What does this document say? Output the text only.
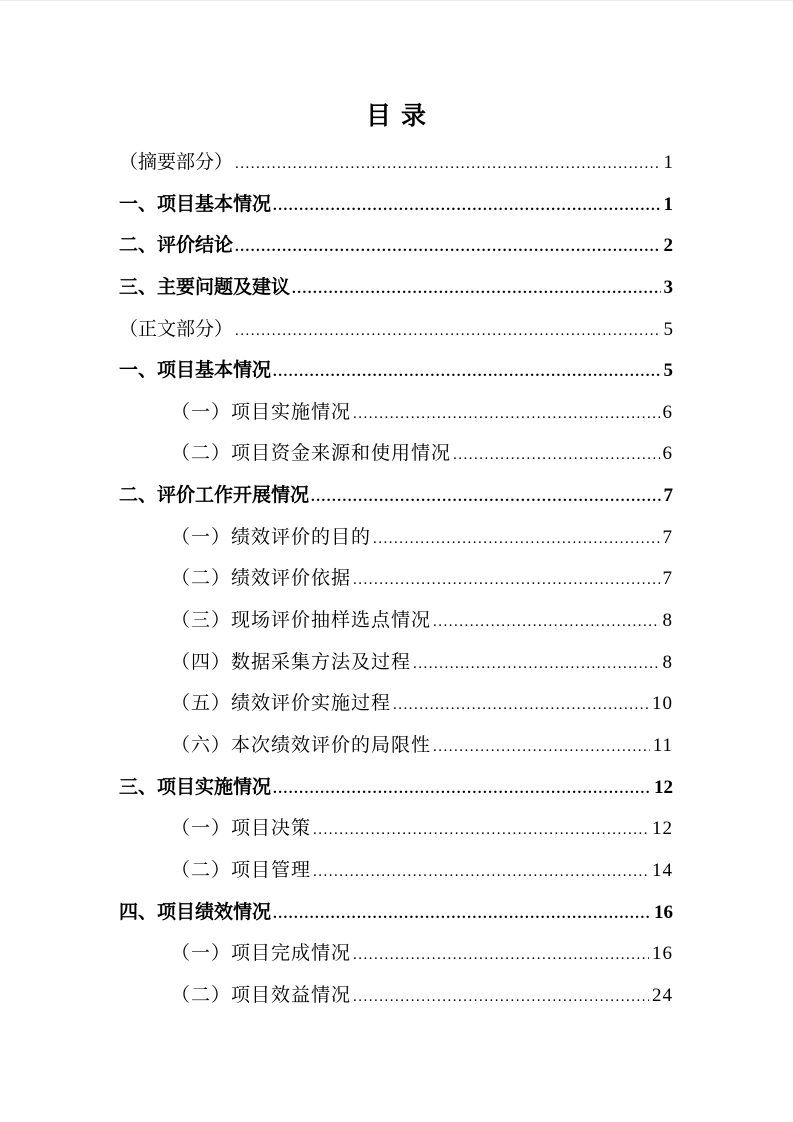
目录
（摘要部分） .....	1
一、项目基本情况 .....	1
二、评价结论 .....	2
三、主要问题及建议 .....	3
（正文部分） .....	5
一、项目基本情况 .....	5
（一）项目实施情况 .....	6
（二）项目资金来源和使用情况 .....	6
二、评价工作开展情况 .....	7
（一）绩效评价的目的 .....	7
（二）绩效评价依据 .....	7
（三）现场评价抽样选点情况 .....	8
（四）数据采集方法及过程 .....	8
（五）绩效评价实施过程 .....	10
（六）本次绩效评价的局限性 .....	11
三、项目实施情况 .....	12
（一）项目决策 .....	12
（二）项目管理 .....	14
四、项目绩效情况 .....	16
（一）项目完成情况 .....	16
（二）项目效益情况 .....	24
